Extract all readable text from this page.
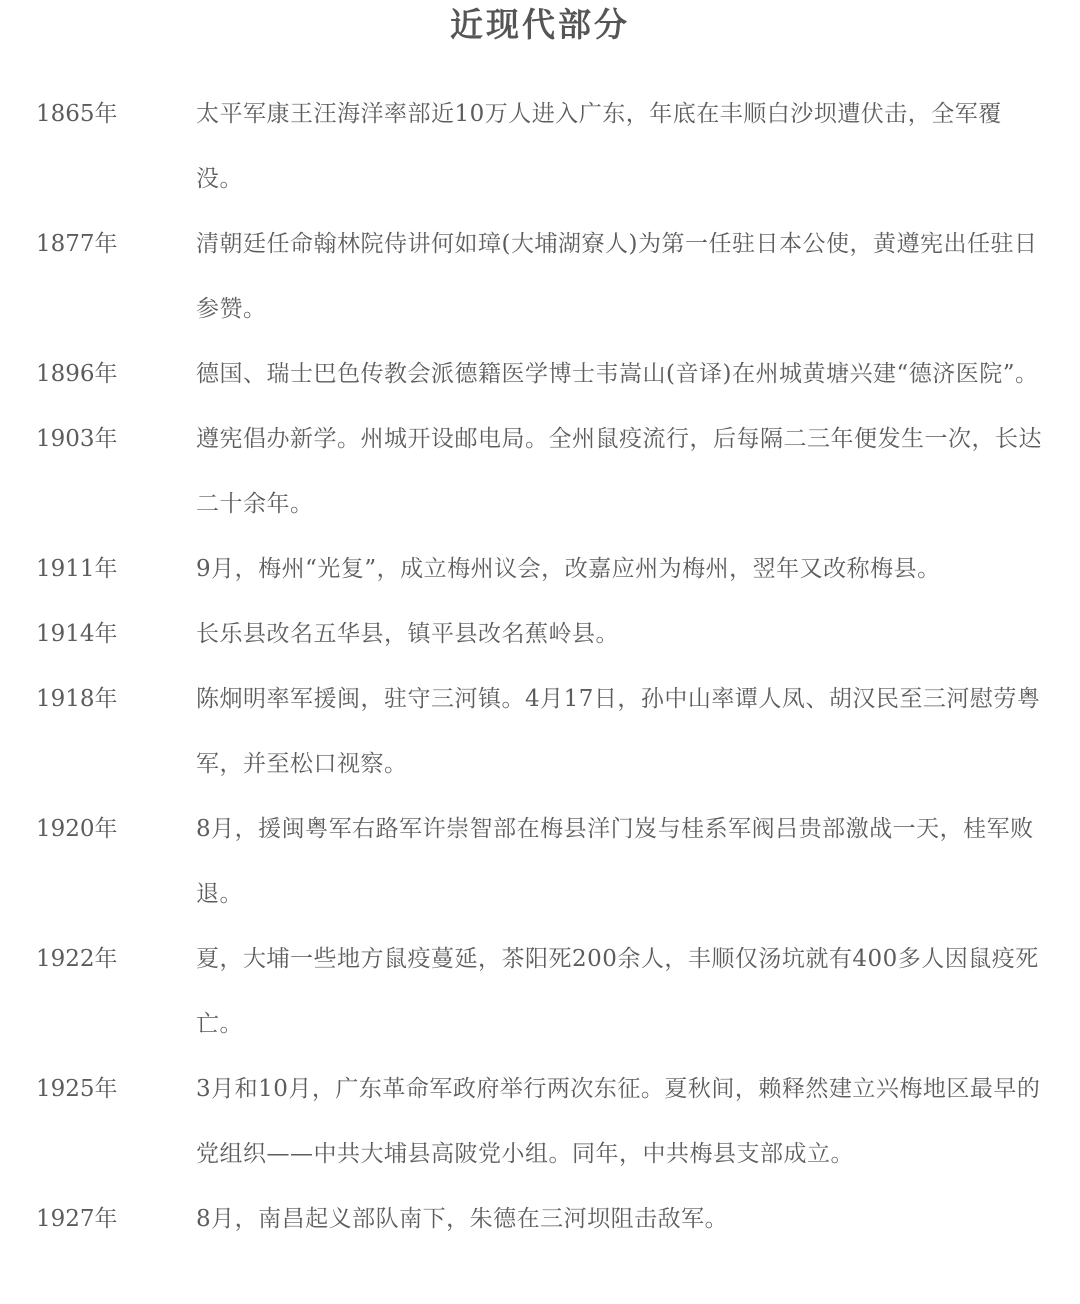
近现代部分
1865年	太平军康王汪海洋率部近10万人进入广东，年底在丰顺白沙坝遭伏击，全军覆没。
1877年	清朝廷任命翰林院侍讲何如璋(大埔湖寮人)为第一任驻日本公使，黄遵宪出任驻日参赞。
1896年	德国、瑞士巴色传教会派德籍医学博士韦嵩山(音译)在州城黄塘兴建“德济医院”。
1903年	遵宪倡办新学。州城开设邮电局。全州鼠疫流行，后每隔二三年便发生一次，长达二十余年。
1911年	9月，梅州“光复”，成立梅州议会，改嘉应州为梅州，翌年又改称梅县。
1914年	长乐县改名五华县，镇平县改名蕉岭县。
1918年	陈炯明率军援闽，驻守三河镇。4月17日，孙中山率谭人凤、胡汉民至三河慰劳粤军，并至松口视察。
1920年	8月，援闽粤军右路军许崇智部在梅县洋门岌与桂系军阀吕贵部激战一天，桂军败退。
1922年	夏，大埔一些地方鼠疫蔓延，茶阳死200余人，丰顺仅汤坑就有400多人因鼠疫死亡。
1925年	3月和10月，广东革命军政府举行两次东征。夏秋间，赖释然建立兴梅地区最早的党组织——中共大埔县高陂党小组。同年，中共梅县支部成立。
1927年	8月，南昌起义部队南下，朱德在三河坝阻击敌军。
